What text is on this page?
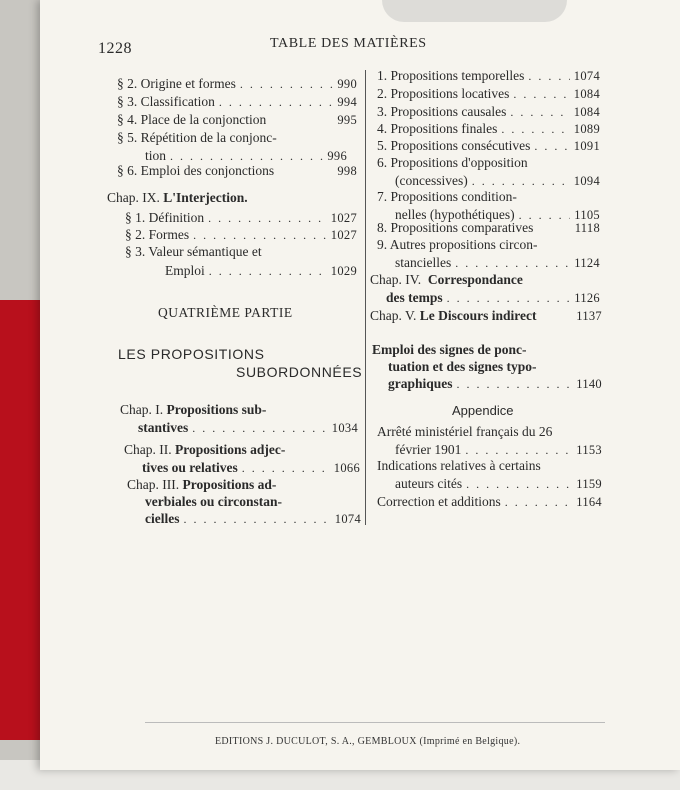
1228	TABLE DES MATIÈRES
§ 2. Origine et formes . . .	990
§ 3. Classification . . .	994
§ 4. Place de la conjonction	995
§ 5. Répétition de la conjonc-
tion . . .	996
§ 6. Emploi des conjonctions	998
Chap. IX.
L'Interjection.
§ 1. Définition . . .	1027
§ 2. Formes . . .	1027
§ 3. Valeur sémantique et
Emploi . . .	1029
QUATRIÈME PARTIE
LES PROPOSITIONS
SUBORDONNÉES
Chap. I.
Propositions sub-
stantives . . .	1034
Chap. II.
Propositions adjec-
tives ou relatives . . .	1066
Chap. III.
Propositions ad-
verbiales ou circonstan-
cielles . . .	1074
1. Propositions temporelles . . .	1074
2. Propositions locatives . . .	1084
3. Propositions causales . . .	1084
4. Propositions finales . . .	1089
5. Propositions consécutives . . .	1091
6. Propositions d'opposition
(concessives) . . .	1094
7. Propositions condition-
nelles (hypothétiques) . . .	1105
8. Propositions comparatives	1118
9. Autres propositions circon-
stancielles . . .	1124
Chap. IV.
Correspondance
des temps . . .	1126
Chap. V.
Le Discours indirect	1137
Emploi des signes de ponc-
tuation et des signes typo-
graphiques . . .	1140
Appendice
Arrêté ministériel français du 26
février 1901 . . .	1153
Indications relatives à certains
auteurs cités . . .	1159
Correction et additions . . .	1164
EDITIONS J. DUCULOT, S. A., GEMBLOUX (Imprimé en Belgique).
